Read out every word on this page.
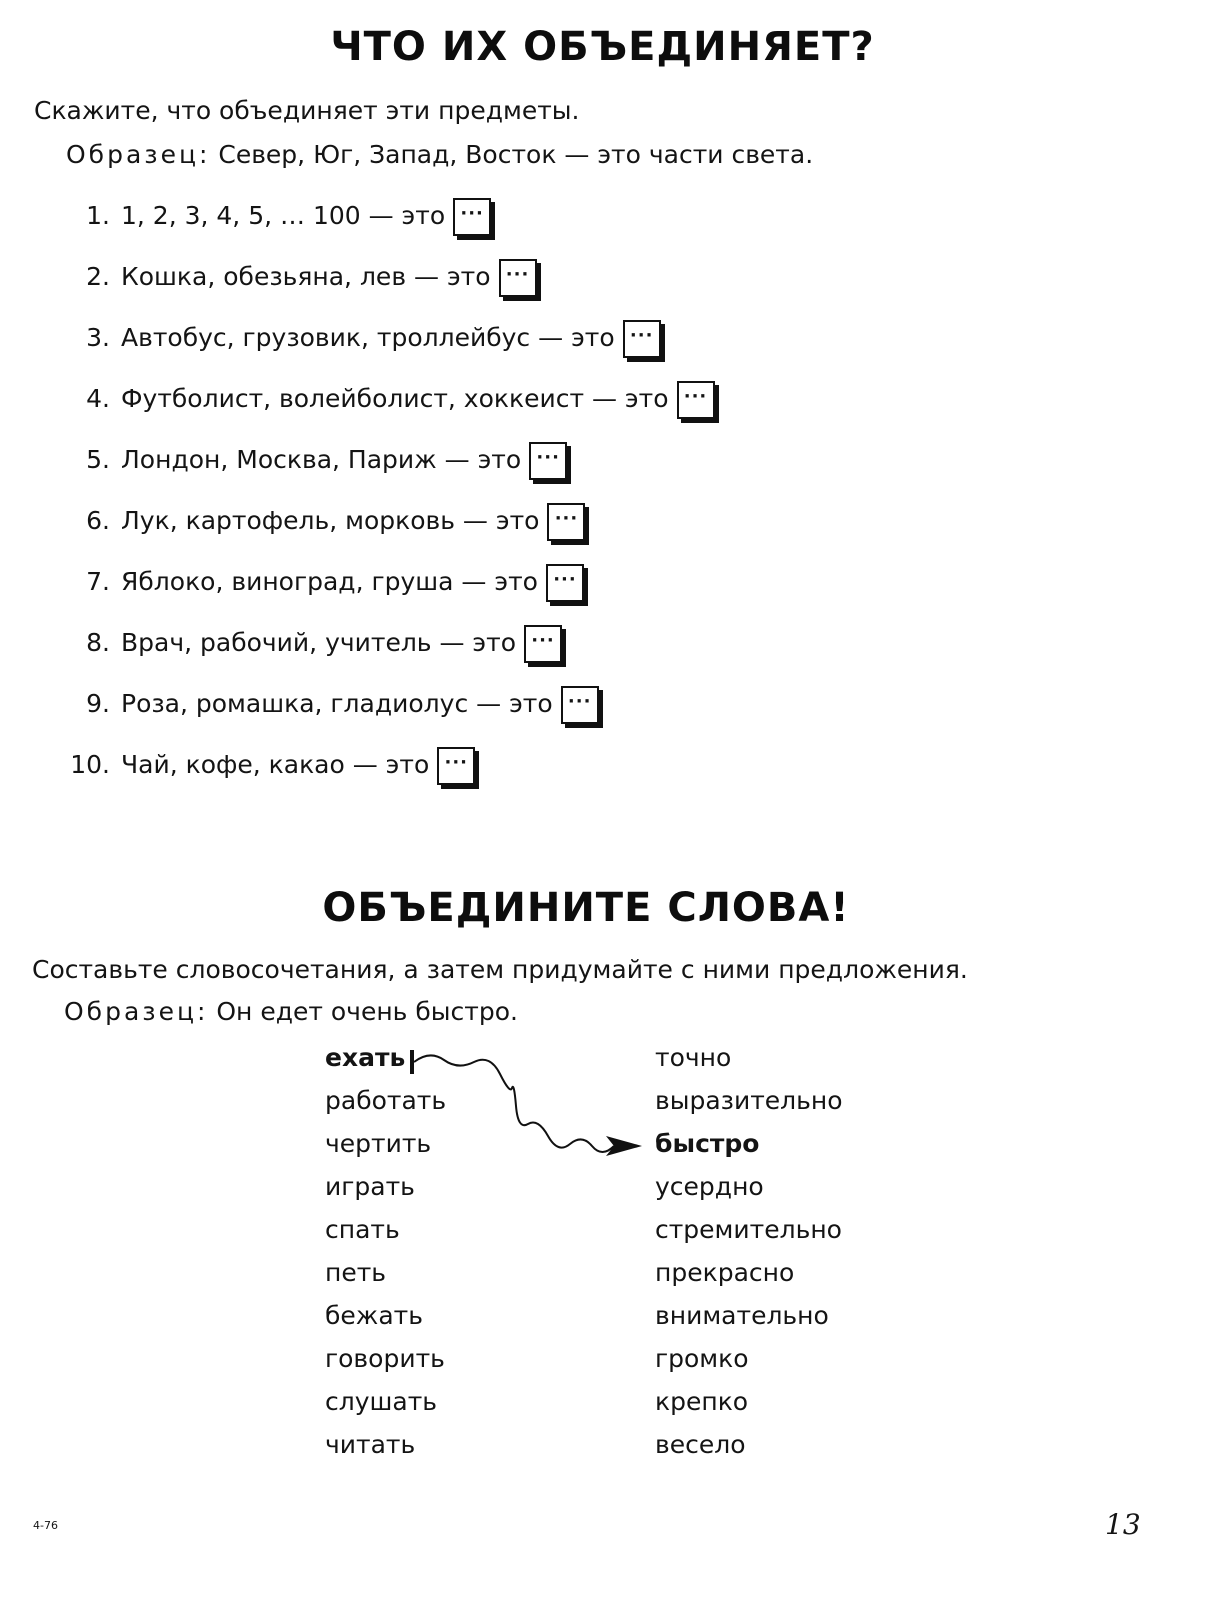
ЧТО ИХ ОБЪЕДИНЯЕТ?
Скажите, что объединяет эти предметы.
Образец: Север, Юг, Запад, Восток — это части света.
1. 1, 2, 3, 4, 5, … 100 — это ···
2. Кошка, обезьяна, лев — это ···
3. Автобус, грузовик, троллейбус — это ···
4. Футболист, волейболист, хоккеист — это ···
5. Лондон, Москва, Париж — это ···
6. Лук, картофель, морковь — это ···
7. Яблоко, виноград, груша — это ···
8. Врач, рабочий, учитель — это ···
9. Роза, ромашка, гладиолус — это ···
10. Чай, кофе, какао — это ···
ОБЪЕДИНИТЕ СЛОВА!
Составьте словосочетания, а затем придумайте с ними предложения.
Образец: Он едет очень быстро.
ехать
работать
чертить
играть
спать
петь
бежать
говорить
слушать
читать
точно
выразительно
быстро
усердно
стремительно
прекрасно
внимательно
громко
крепко
весело
4-76	13
